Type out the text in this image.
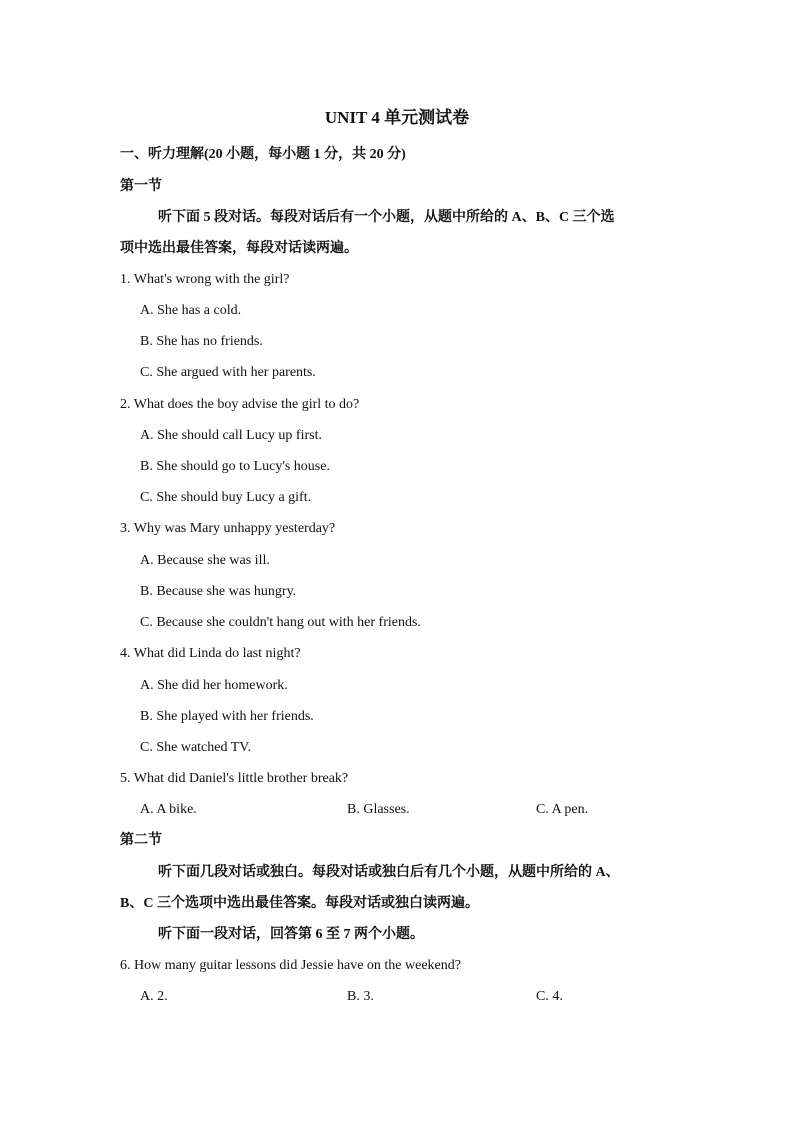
UNIT 4 单元测试卷
一、听力理解(20 小题，每小题 1 分，共 20 分)
第一节
听下面 5 段对话。每段对话后有一个小题，从题中所给的 A、B、C 三个选
项中选出最佳答案，每段对话读两遍。
1. What's wrong with the girl?
A. She has a cold.
B. She has no friends.
C. She argued with her parents.
2. What does the boy advise the girl to do?
A. She should call Lucy up first.
B. She should go to Lucy's house.
C. She should buy Lucy a gift.
3. Why was Mary unhappy yesterday?
A. Because she was ill.
B. Because she was hungry.
C. Because she couldn't hang out with her friends.
4. What did Linda do last night?
A. She did her homework.
B. She played with her friends.
C. She watched TV.
5. What did Daniel's little brother break?
A. A bike.	B. Glasses.	C. A pen.
第二节
听下面几段对话或独白。每段对话或独白后有几个小题，从题中所给的 A、
B、C 三个选项中选出最佳答案。每段对话或独白读两遍。
听下面一段对话，回答第 6 至 7 两个小题。
6. How many guitar lessons did Jessie have on the weekend?
A. 2.	B. 3.	C. 4.
